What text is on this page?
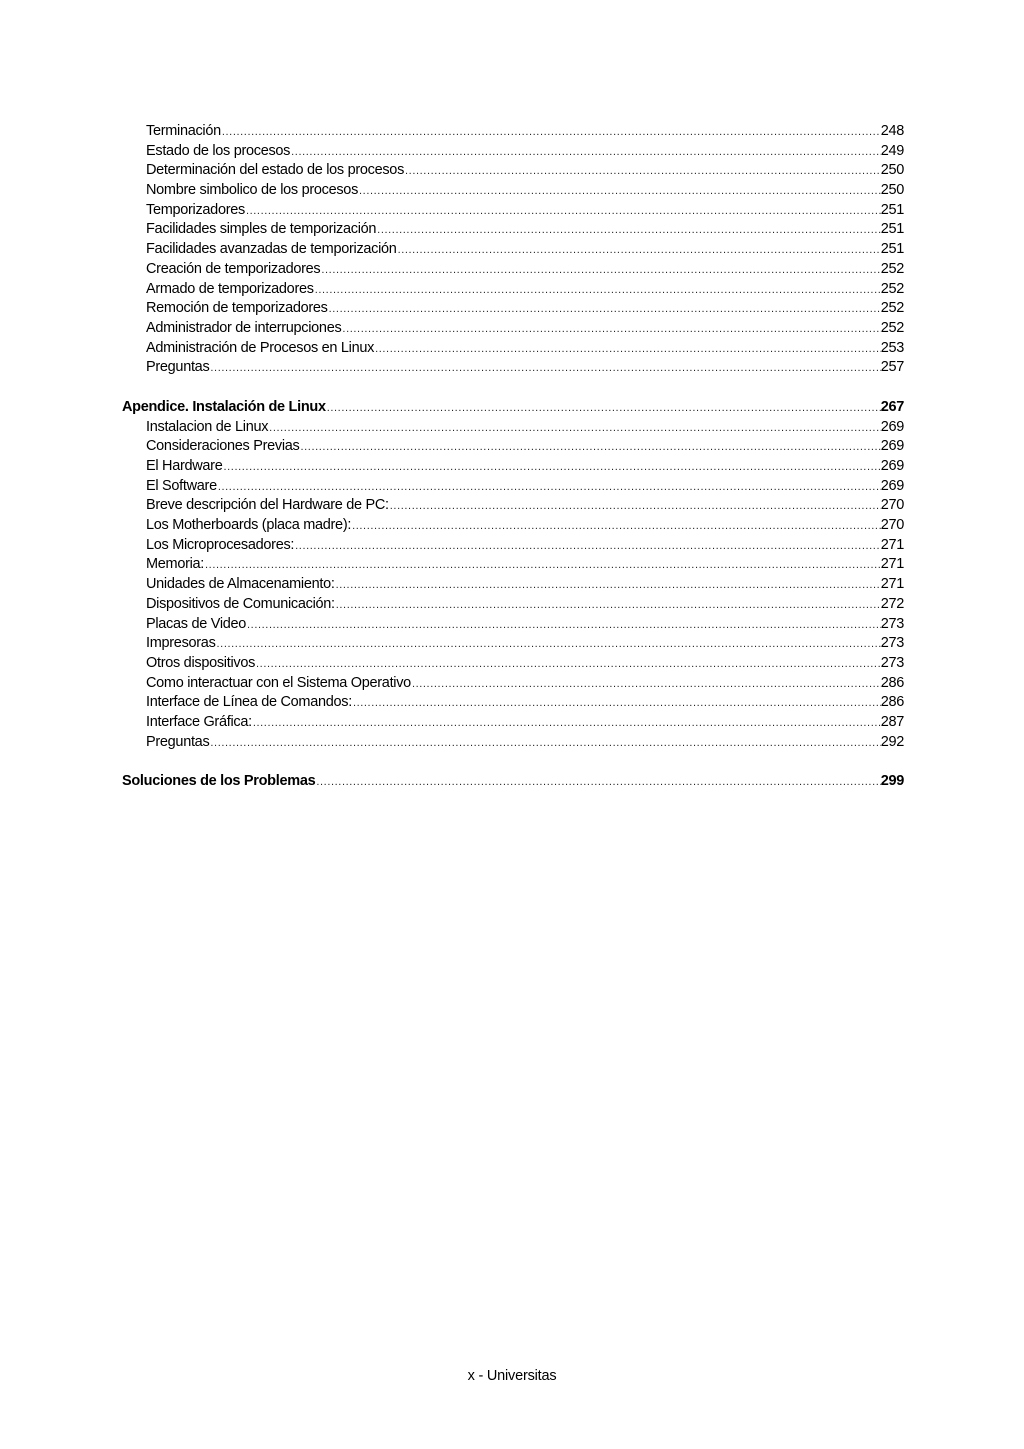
Terminación .....	248
Estado de los procesos .....	249
Determinación del estado de los procesos .....	250
Nombre simbolico de los procesos .....	250
Temporizadores .....	251
Facilidades simples de temporización .....	251
Facilidades avanzadas de temporización .....	251
Creación de temporizadores .....	252
Armado de temporizadores .....	252
Remoción de temporizadores .....	252
Administrador de interrupciones .....	252
Administración de Procesos en Linux .....	253
Preguntas .....	257
Apendice. Instalación de Linux .....	267
Instalacion de Linux .....	269
Consideraciones Previas .....	269
El Hardware .....	269
El Software .....	269
Breve descripción del Hardware de PC: .....	270
Los Motherboards (placa madre): .....	270
Los Microprocesadores: .....	271
Memoria: .....	271
Unidades de Almacenamiento: .....	271
Dispositivos de Comunicación: .....	272
Placas de Video .....	273
Impresoras .....	273
Otros dispositivos .....	273
Como interactuar con el Sistema Operativo .....	286
Interface de Línea de Comandos: .....	286
Interface Gráfica: .....	287
Preguntas .....	292
Soluciones de los Problemas .....	299
x - Universitas
